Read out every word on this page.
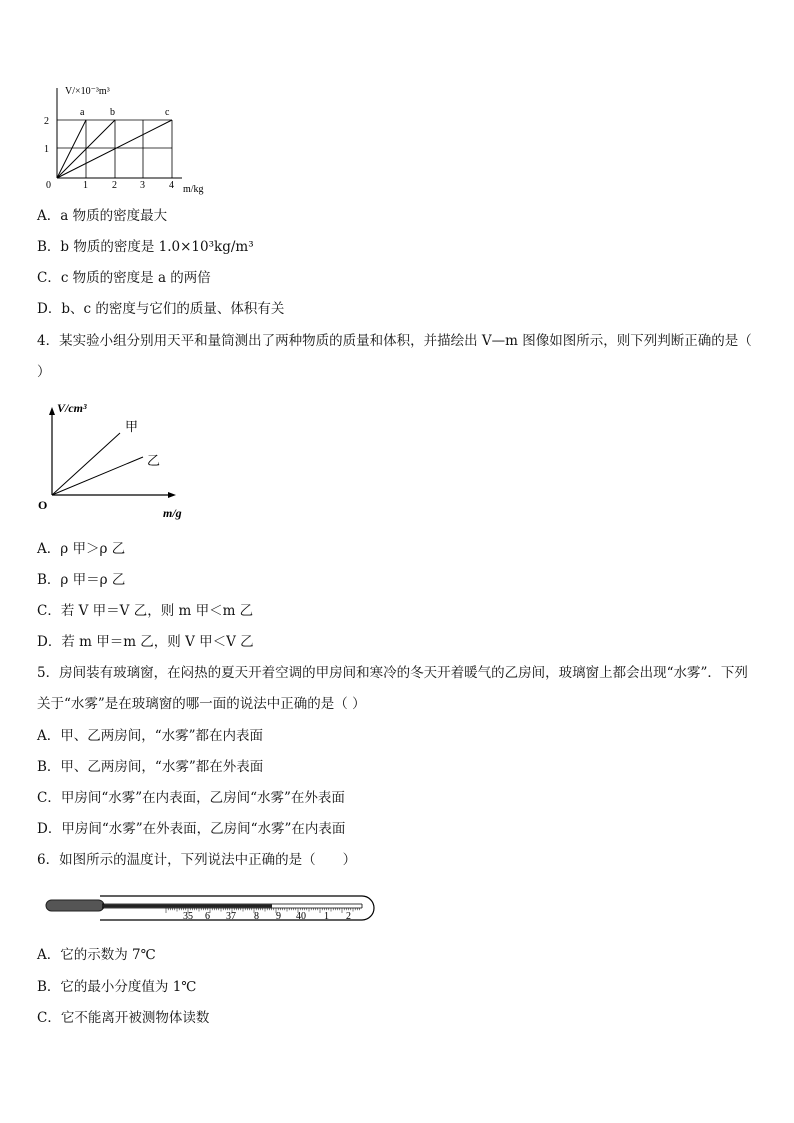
V/×10⁻³m³
a	b	c
2
1
0	1 2 3 4 m/kg
A．a 物质的密度最大
B．b 物质的密度是 1.0×10³kg/m³
C．c 物质的密度是 a 的两倍
D．b、c 的密度与它们的质量、体积有关
4．某实验小组分别用天平和量筒测出了两种物质的质量和体积，并描绘出 V—m 图像如图所示，则下列判断正确的是（ ）
V/cm³
甲
乙
O
m/g
A．ρ 甲＞ρ 乙
B．ρ 甲＝ρ 乙
C．若 V 甲＝V 乙，则 m 甲＜m 乙
D．若 m 甲＝m 乙，则 V 甲＜V 乙
5．房间装有玻璃窗，在闷热的夏天开着空调的甲房间和寒冷的冬天开着暖气的乙房间，玻璃窗上都会出现“水雾”．下列关于“水雾”是在玻璃窗的哪一面的说法中正确的是（ ）
A．甲、乙两房间，“水雾”都在内表面
B．甲、乙两房间，“水雾”都在外表面
C．甲房间“水雾”在内表面，乙房间“水雾”在外表面
D．甲房间“水雾”在外表面，乙房间“水雾”在内表面
6．如图所示的温度计，下列说法中正确的是（　　）
35 6 37 8 9 40 1 2
A．它的示数为 7℃
B．它的最小分度值为 1℃
C．它不能离开被测物体读数
